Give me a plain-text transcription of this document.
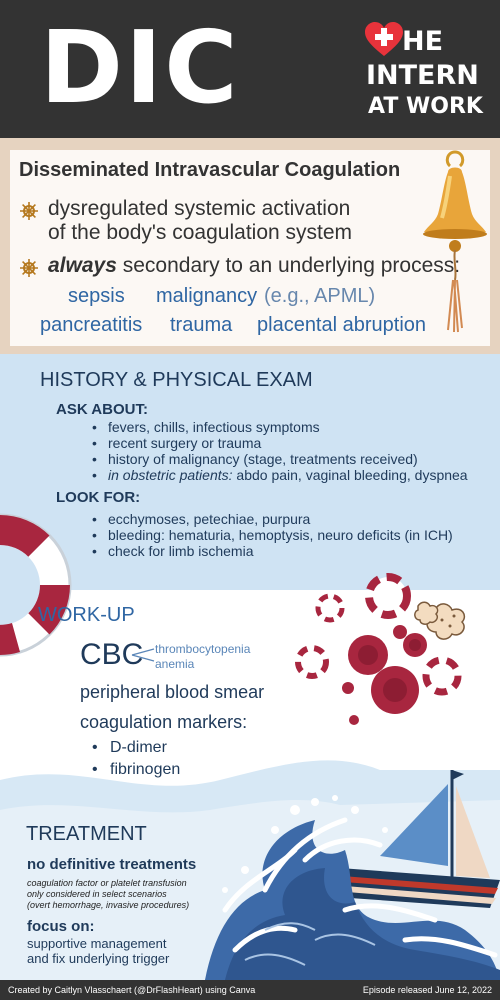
DIC	HE
INTERN
AT WORK
Disseminated Intravascular Coagulation
dysregulated systemic activation
of the body's coagulation system
always secondary to an underlying process:
sepsis malignancy (e.g., APML)
pancreatitis trauma placental abruption
HISTORY & PHYSICAL EXAM
ASK ABOUT:
• fevers, chills, infectious symptoms
• recent surgery or trauma
• history of malignancy (stage, treatments received)
• in obstetric patients: abdo pain, vaginal bleeding, dyspnea
LOOK FOR:
• ecchymoses, petechiae, purpura
• bleeding: hematuria, hemoptysis, neuro deficits (in ICH)
• check for limb ischemia
WORK-UP
CBC thrombocytopenia
anemia
peripheral blood smear
coagulation markers:
• D-dimer
• fibrinogen
•
TREATMENT
no definitive treatments
coagulation factor or platelet transfusion
only considered in select scenarios
(overt hemorrhage, invasive procedures)
focus on:
supportive management
and fix underlying trigger
Created by Caitlyn Vlasschaert (@DrFlashHeart) using Canva	Episode released June 12, 2022
